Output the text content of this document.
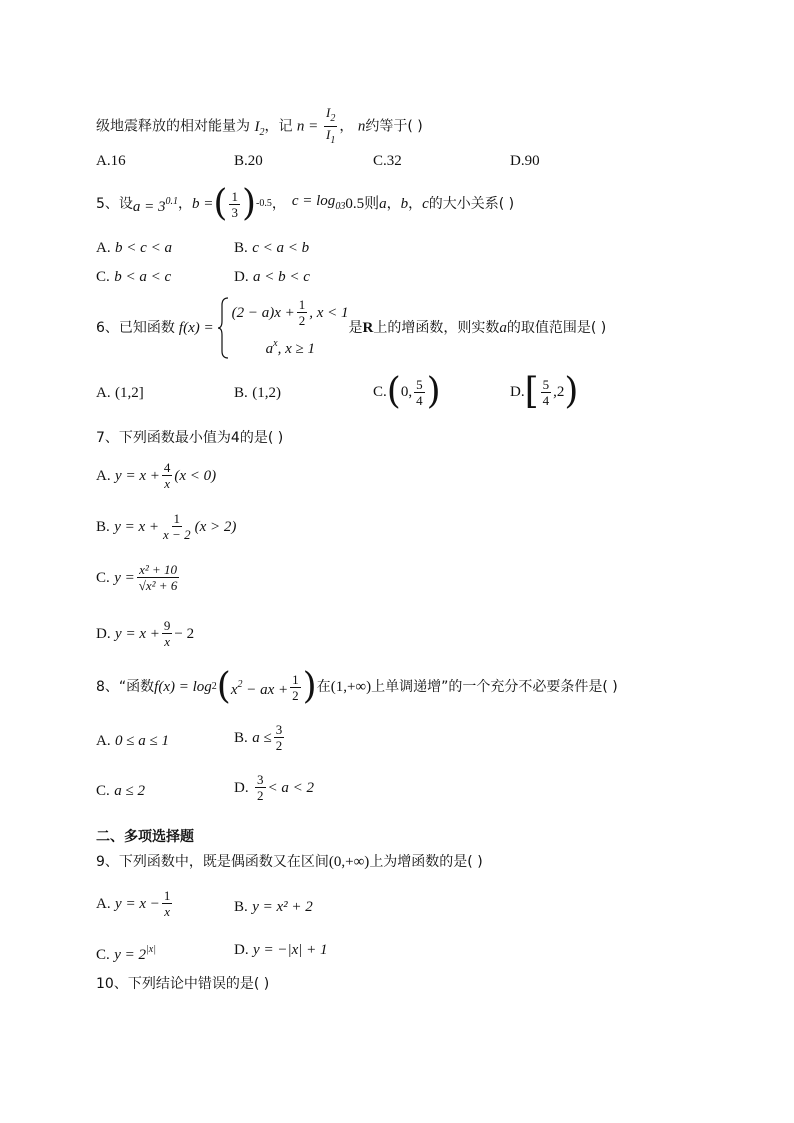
级地震释放的相对能量为 $I_2$，记 $n = \frac{I_2}{I_1}$ ， n约等于( )
A.16	B.20	C.32	D.90
5、设 $a = 3^{0.1}$ ， b = ( $\frac{1}{3}$ ) -0.5 ， $c = \log_{03} 0.5$则 a ， b ， c 的大小关系( )
A. b < c < a	B. c < a < b
C. b < a < c	D. a < b < c
6、已知函数 f(x) =
$(2 - a)x + \frac{1}{2}$ , x < 1
$a^x$, x ≥ 1
是 R 上的增函数，则实数 a 的取值范围是( )
A. (1,2]	B. (1,2)	C. ( 0, $\frac{5}{4}$ )	D. [ $\frac{5}{4} ,2$ )
7、下列函数最小值为4的是( )
A.
$y = x + \frac{4}{x} (x < 0)$
B.
$y = x + \frac{1}{x - 2} (x > 2)$
C.
$y = \frac{\text{x² + 10}}{\text{√x² + 6}}$
D.
$y = x + \frac{9}{x} - 2$
8、“函数 f(x) = log 2 ( $x^2$ − ax + $\frac{1}{2}$ ) 在 (1,+∞) 上单调递增”的一个充分不必要条件是( )
A. 0 ≤ a ≤ 1	B.
$a \le \frac{3}{2}$
C. a ≤ 2	D.
$\frac{3}{2} < a < 2$
二、多项选择题
9、下列函数中，既是偶函数又在区间(0,+∞)上为增函数的是( )
A.
$y = x - \frac{1}{x}$	B. y = x² + 2
C. $y = 2^{|x|}$	D. y = −|x| + 1
10、下列结论中错误的是( )
